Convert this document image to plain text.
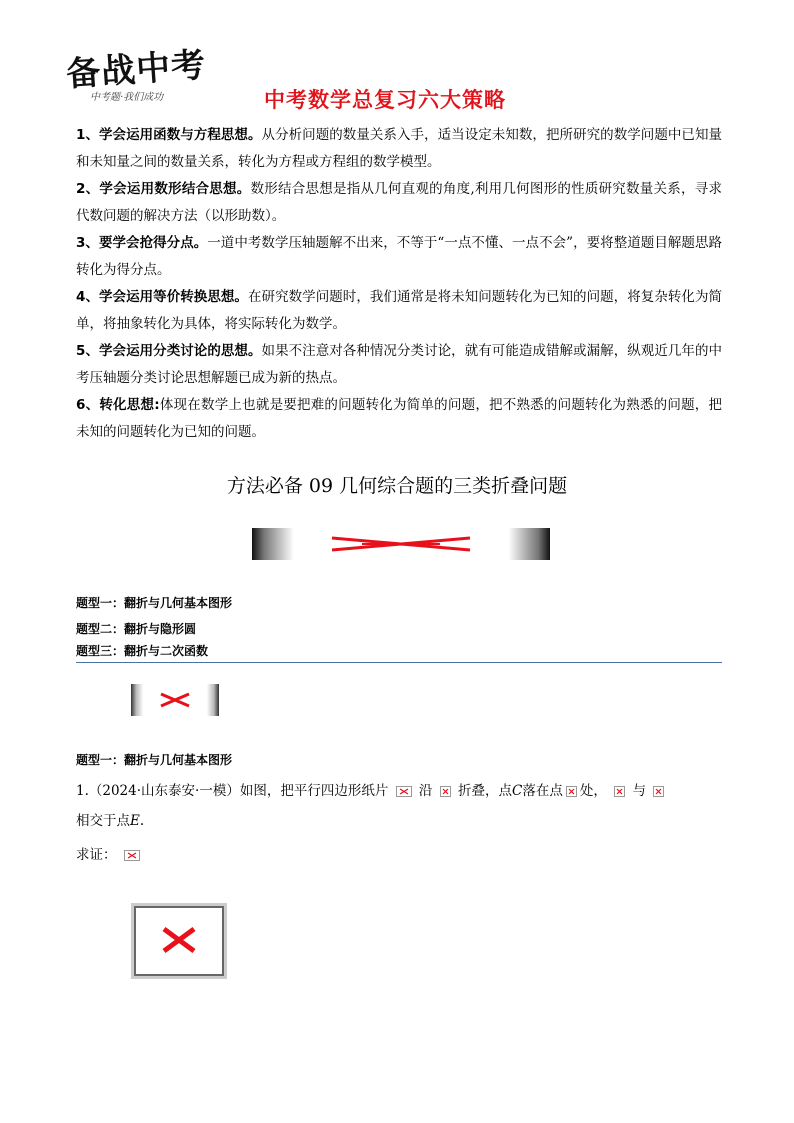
备战中考
中考题·我们成功	中考数学总复习六大策略

1、学会运用函数与方程思想。从分析问题的数量关系入手，适当设定未知数，把所研究的数学问题中已知量和未知量之间的数量关系，转化为方程或方程组的数学模型。

2、学会运用数形结合思想。数形结合思想是指从几何直观的角度,利用几何图形的性质研究数量关系，寻求代数问题的解决方法（以形助数）。

3、要学会抢得分点。一道中考数学压轴题解不出来，不等于“一点不懂、一点不会”，要将整道题目解题思路转化为得分点。

4、学会运用等价转换思想。在研究数学问题时，我们通常是将未知问题转化为已知的问题，将复杂转化为简单，将抽象转化为具体，将实际转化为数学。

5、学会运用分类讨论的思想。如果不注意对各种情况分类讨论，就有可能造成错解或漏解，纵观近几年的中考压轴题分类讨论思想解题已成为新的热点。

6、转化思想:体现在数学上也就是要把难的问题转化为简单的问题，把不熟悉的问题转化为熟悉的问题，把未知的问题转化为已知的问题。

方法必备 09 几何综合题的三类折叠问题
题型一：翻折与几何基本图形
题型二：翻折与隐形圆
题型三：翻折与二次函数
题型一：翻折与几何基本图形
1.（2024·山东泰安·一模）如图，把平行四边形纸片 沿 折叠，点C落在点 处， 与

相交于点E.
求证：
